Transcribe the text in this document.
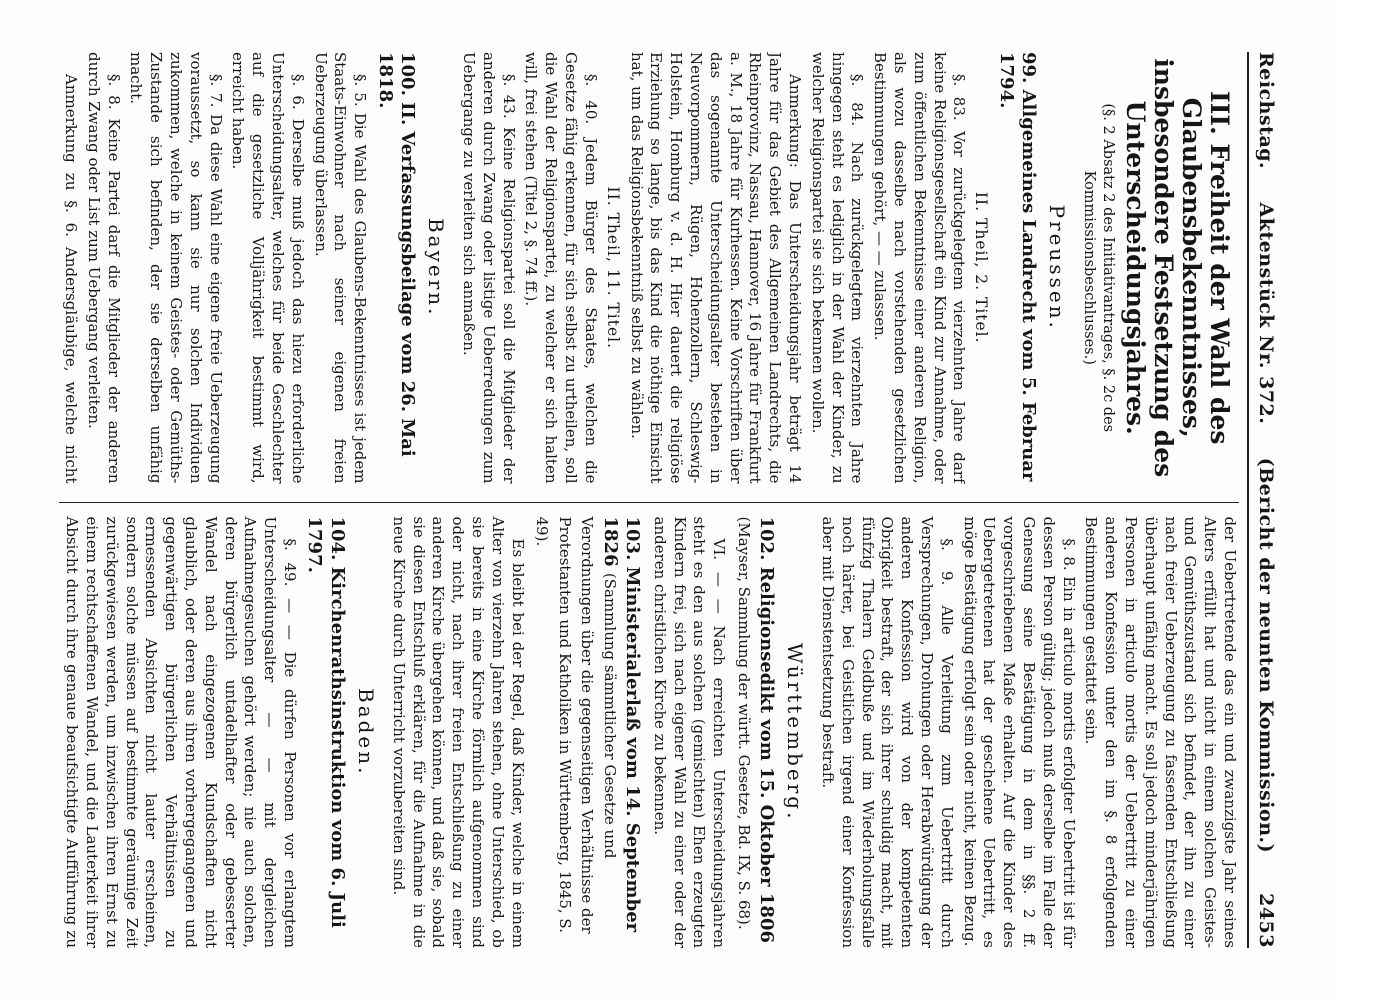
Reichstag.
Aktenstück Nr. 372.
(Bericht der neunten Kommission.)
2453
III. Freiheit der Wahl des Glaubensbekenntnisses, insbesondere Festsetzung des Unterscheidungsjahres.
(§. 2 Absatz 2 des Initiativantrages, §. 2c des Kommissionsbeschlusses.)
Preussen.
99. Allgemeines Landrecht vom 5. Februar 1794.
II. Theil, 2. Titel.

§. 83. Vor zurückgelegtem vierzehnten Jahre darf keine Religionsgesellschaft ein Kind zur Annahme, oder zum öffentlichen Bekenntnisse einer anderen Religion, als wozu dasselbe nach vorstehenden gesetzlichen Bestimmungen gehört, — — zulassen.

§. 84. Nach zurückgelegtem vierzehnten Jahre hingegen steht es lediglich in der Wahl der Kinder, zu welcher Religionspartei sie sich bekennen wollen.

Anmerkung: Das Unterscheidungsjahr beträgt 14 Jahre für das Gebiet des Allgemeinen Landrechts, die Rheinprovinz, Nassau, Hannover, 16 Jahre für Frankfurt a. M., 18 Jahre für Kurhessen. Keine Vorschriften über das sogenannte Unterscheidungsalter bestehen in Neuvorpommern, Rügen, Hohenzollern, Schleswig-Holstein, Homburg v. d. H. Hier dauert die religiöse Erziehung so lange, bis das Kind die nöthige Einsicht hat, um das Religionsbekenntniß selbst zu wählen.

II. Theil, 11. Titel.

§. 40. Jedem Bürger des Staates, welchen die Gesetze fähig erkennen, für sich selbst zu urtheilen, soll die Wahl der Religionspartei, zu welcher er sich halten will, frei stehen (Titel 2, §. 74 ff.).

§. 43. Keine Religionspartei soll die Mitglieder der anderen durch Zwang oder listige Ueberredungen zum Uebergange zu verleiten sich anmaßen.

Bayern.
100. II. Verfassungsbeilage vom 26. Mai 1818.

§. 5. Die Wahl des Glaubens-Bekenntnisses ist jedem Staats-Einwohner nach seiner eigenen freien Ueberzeugung überlassen.

§. 6. Derselbe muß jedoch das hiezu erforderliche Unterscheidungsalter, welches für beide Geschlechter auf die gesetzliche Volljährigkeit bestimmt wird, erreicht haben.

§. 7. Da diese Wahl eine eigene freie Ueberzeugung voraussetzt, so kann sie nur solchen Individuen zukommen, welche in keinem Geistes- oder Gemüths-Zustande sich befinden, der sie derselben unfähig macht.

§. 8. Keine Partei darf die Mitglieder der anderen durch Zwang oder List zum Uebergang verleiten.

Anmerkung zu §. 6. Andersgläubige, welche nicht

der Uebertretende das ein und zwanzigste Jahr seines Alters erfüllt hat und nicht in einem solchen Geistes- und Gemüthszustand sich befindet, der ihn zu einer nach freier Ueberzeugung zu fassenden Entschließung überhaupt unfähig macht. Es soll jedoch minderjährigen Personen in articulo mortis der Uebertritt zu einer anderen Konfession unter den im §. 8 erfolgenden Bestimmungen gestattet sein.

§. 8. Ein in articulo mortis erfolgter Uebertritt ist für dessen Person gültig; jedoch muß derselbe im Falle der Genesung seine Bestätigung in dem in §§. 2 ff. vorgeschriebenen Maße erhalten. Auf die Kinder des Uebergetretenen hat der geschehene Uebertritt, es möge Bestätigung erfolgt sein oder nicht, keinen Bezug.

§. 9. Alle Verleitung zum Uebertritt durch Versprechungen, Drohungen oder Herabwürdigung der anderen Konfession wird von der kompetenten Obrigkeit bestraft, der sich ihrer schuldig macht, mit fünfzig Thalern Geldbuße und im Wiederholungsfalle noch härter, bei Geistlichen irgend einer Konfession aber mit Dienstentsetzung bestraft.

Württemberg.
102. Religionsedikt vom 15. Oktober 1806 (Mayser, Sammlung der württ. Gesetze, Bd. IX, S. 68).

VI. — — Nach erreichten Unterscheidungsjahren steht es den aus solchen (gemischten) Ehen erzeugten Kindern frei, sich nach eigener Wahl zu einer oder der anderen christlichen Kirche zu bekennen.

103. Ministerialerlaß vom 14. September 1826 (Sammlung sämmtlicher Gesetze und Verordnungen über die gegenseitigen Verhältnisse der Protestanten und Katholiken in Württemberg, 1845, S. 49).

Es bleibt bei der Regel, daß Kinder, welche in einem Alter von vierzehn Jahren stehen, ohne Unterschied, ob sie bereits in eine Kirche förmlich aufgenommen sind oder nicht, nach ihrer freien Entschließung zu einer anderen Kirche übergehen können, und daß sie, sobald sie diesen Entschluß erklären, für die Aufnahme in die neue Kirche durch Unterricht vorzubereiten sind.

Baden.
104. Kirchenrathsinstruktion vom 6. Juli 1797.

§. 49. — — Die dürfen Personen vor erlangtem Unterscheidungsalter — — mit dergleichen Aufnahmegesuchen gehört werden; nie auch solchen, deren bürgerlich untadelhafter oder gebesserter Wandel nach eingezogenen Kundschaften nicht glaublich, oder deren aus ihren vorhergegangenen und gegenwärtigen bürgerlichen Verhältnissen zu ermessenden Absichten nicht lauter erscheinen, sondern solche müssen auf bestimmte geräumige Zeit zurückgewiesen werden, um inzwischen ihren Ernst zu einem rechtschaffenen Wandel, und die Lauterkeit ihrer Absicht durch ihre genaue beaufsichtigte Aufführung zu erproben. Ist deren Annahme ordnungsmäßig
